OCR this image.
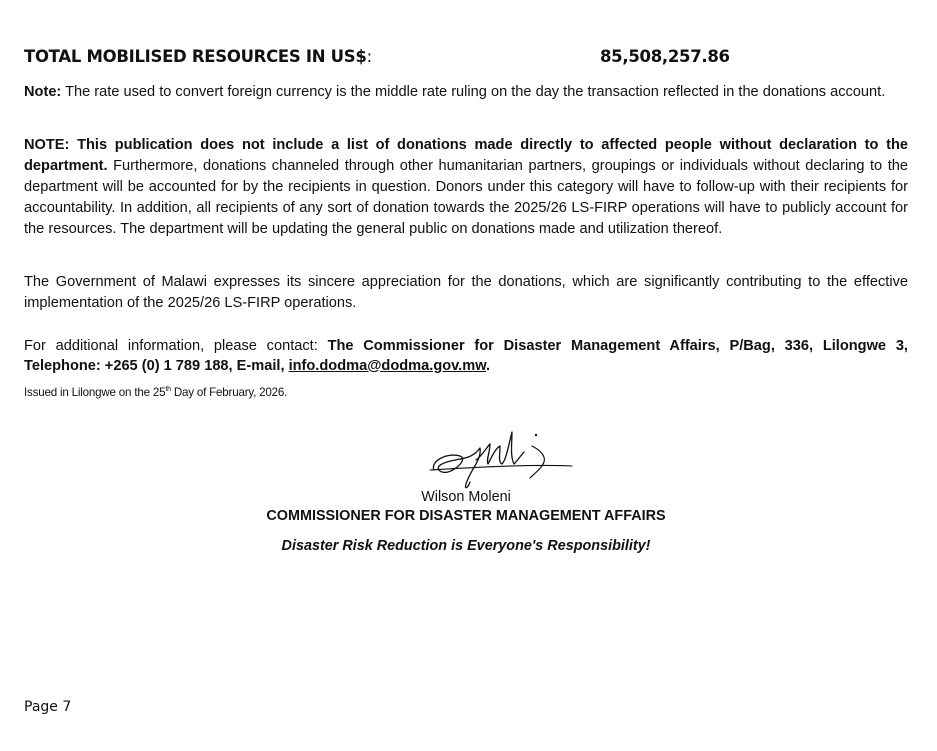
TOTAL MOBILISED RESOURCES IN US$:	85,508,257.86

Note: The rate used to convert foreign currency is the middle rate ruling on the day the transaction reflected in the donations account.

NOTE: This publication does not include a list of donations made directly to affected people without declaration to the department. Furthermore, donations channeled through other humanitarian partners, groupings or individuals without declaring to the department will be accounted for by the recipients in question. Donors under this category will have to follow-up with their recipients for accountability. In addition, all recipients of any sort of donation towards the 2025/26 LS-FIRP operations will have to publicly account for the resources. The department will be updating the general public on donations made and utilization thereof.

The Government of Malawi expresses its sincere appreciation for the donations, which are significantly contributing to the effective implementation of the 2025/26 LS-FIRP operations.

For additional information, please contact: The Commissioner for Disaster Management Affairs, P/Bag, 336, Lilongwe 3, Telephone: +265 (0) 1 789 188, E-mail, info.dodma@dodma.gov.mw.

Issued in Lilongwe on the 25th Day of February, 2026.
Wilson Moleni
COMMISSIONER FOR DISASTER MANAGEMENT AFFAIRS
Disaster Risk Reduction is Everyone's Responsibility!
Page 7
